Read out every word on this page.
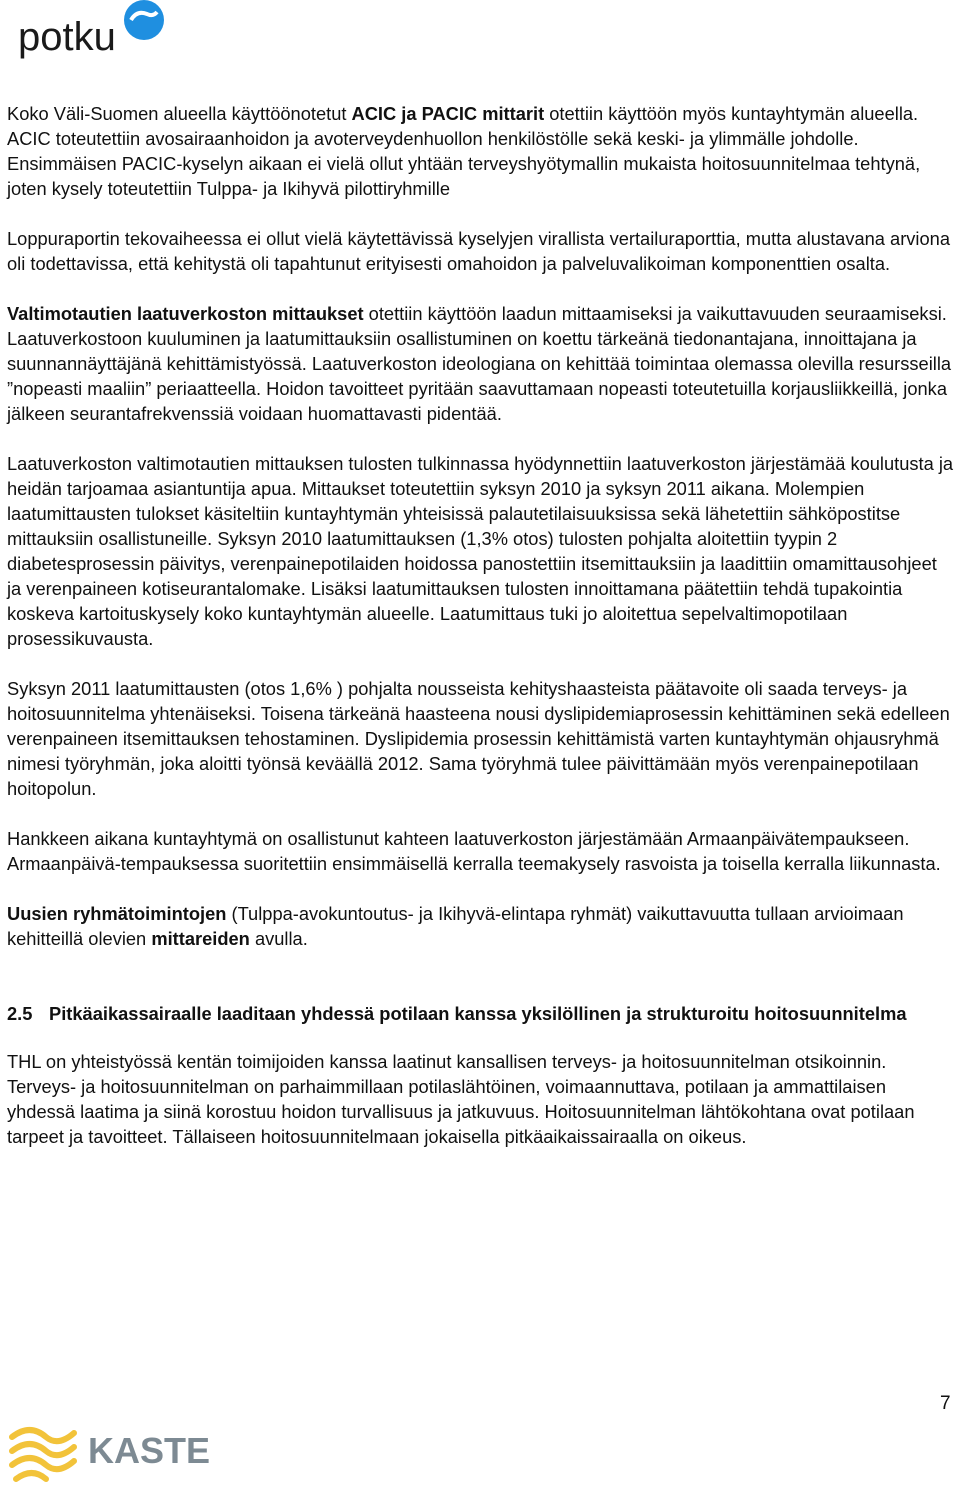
potku

Koko Väli-Suomen alueella käyttöönotetut ACIC ja PACIC mittarit otettiin käyttöön myös kuntayhtymän alueella. ACIC toteutettiin avosairaanhoidon ja avoterveydenhuollon henkilöstölle sekä keski- ja ylimmälle johdolle. Ensimmäisen PACIC-kyselyn aikaan ei vielä ollut yhtään terveyshyötymallin mukaista hoitosuunnitelmaa tehtynä, joten kysely toteutettiin Tulppa- ja Ikihyvä pilottiryhmille

Loppuraportin tekovaiheessa ei ollut vielä käytettävissä kyselyjen virallista vertailuraporttia, mutta alustavana arviona oli todettavissa, että kehitystä oli tapahtunut erityisesti omahoidon ja palveluvalikoiman komponenttien osalta.

Valtimotautien laatuverkoston mittaukset otettiin käyttöön laadun mittaamiseksi ja vaikuttavuuden seuraamiseksi. Laatuverkostoon kuuluminen ja laatumittauksiin osallistuminen on koettu tärkeänä tiedonantajana, innoittajana ja suunnannäyttäjänä kehittämistyössä. Laatuverkoston ideologiana on kehittää toimintaa olemassa olevilla resursseilla ”nopeasti maaliin” periaatteella. Hoidon tavoitteet pyritään saavuttamaan nopeasti toteutetuilla korjausliikkeillä, jonka jälkeen seurantafrekvenssiä voidaan huomattavasti pidentää.

Laatuverkoston valtimotautien mittauksen tulosten tulkinnassa hyödynnettiin laatuverkoston järjestämää koulutusta ja heidän tarjoamaa asiantuntija apua. Mittaukset toteutettiin syksyn 2010 ja syksyn 2011 aikana. Molempien laatumittausten tulokset käsiteltiin kuntayhtymän yhteisissä palautetilaisuuksissa sekä lähetettiin sähköpostitse mittauksiin osallistuneille. Syksyn 2010 laatumittauksen (1,3% otos) tulosten pohjalta aloitettiin tyypin 2 diabetesprosessin päivitys, verenpainepotilaiden hoidossa panostettiin itsemittauksiin ja laadittiin omamittausohjeet ja verenpaineen kotiseurantalomake. Lisäksi laatumittauksen tulosten innoittamana päätettiin tehdä tupakointia koskeva kartoituskysely koko kuntayhtymän alueelle. Laatumittaus tuki jo aloitettua sepelvaltimopotilaan prosessikuvausta.

Syksyn 2011 laatumittausten (otos 1,6% ) pohjalta nousseista kehityshaasteista päätavoite oli saada terveys- ja hoitosuunnitelma yhtenäiseksi. Toisena tärkeänä haasteena nousi dyslipidemiaprosessin kehittäminen sekä edelleen verenpaineen itsemittauksen tehostaminen. Dyslipidemia prosessin kehittämistä varten kuntayhtymän ohjausryhmä nimesi työryhmän, joka aloitti työnsä keväällä 2012. Sama työryhmä tulee päivittämään myös verenpainepotilaan hoitopolun.

Hankkeen aikana kuntayhtymä on osallistunut kahteen laatuverkoston järjestämään Armaanpäivätempaukseen. Armaanpäivä-tempauksessa suoritettiin ensimmäisellä kerralla teemakysely rasvoista ja toisella kerralla liikunnasta.

Uusien ryhmätoimintojen (Tulppa-avokuntoutus- ja Ikihyvä-elintapa ryhmät) vaikuttavuutta tullaan arvioimaan kehitteillä olevien mittareiden avulla.

2.5 Pitkäaikassairaalle laaditaan yhdessä potilaan kanssa yksilöllinen ja strukturoitu hoitosuunnitelma

THL on yhteistyössä kentän toimijoiden kanssa laatinut kansallisen terveys- ja hoitosuunnitelman otsikoinnin. Terveys- ja hoitosuunnitelman on parhaimmillaan potilaslähtöinen, voimaannuttava, potilaan ja ammattilaisen yhdessä laatima ja siinä korostuu hoidon turvallisuus ja jatkuvuus. Hoitosuunnitelman lähtökohtana ovat potilaan tarpeet ja tavoitteet. Tällaiseen hoitosuunnitelmaan jokaisella pitkäaikaissairaalla on oikeus.

7
KASTE
